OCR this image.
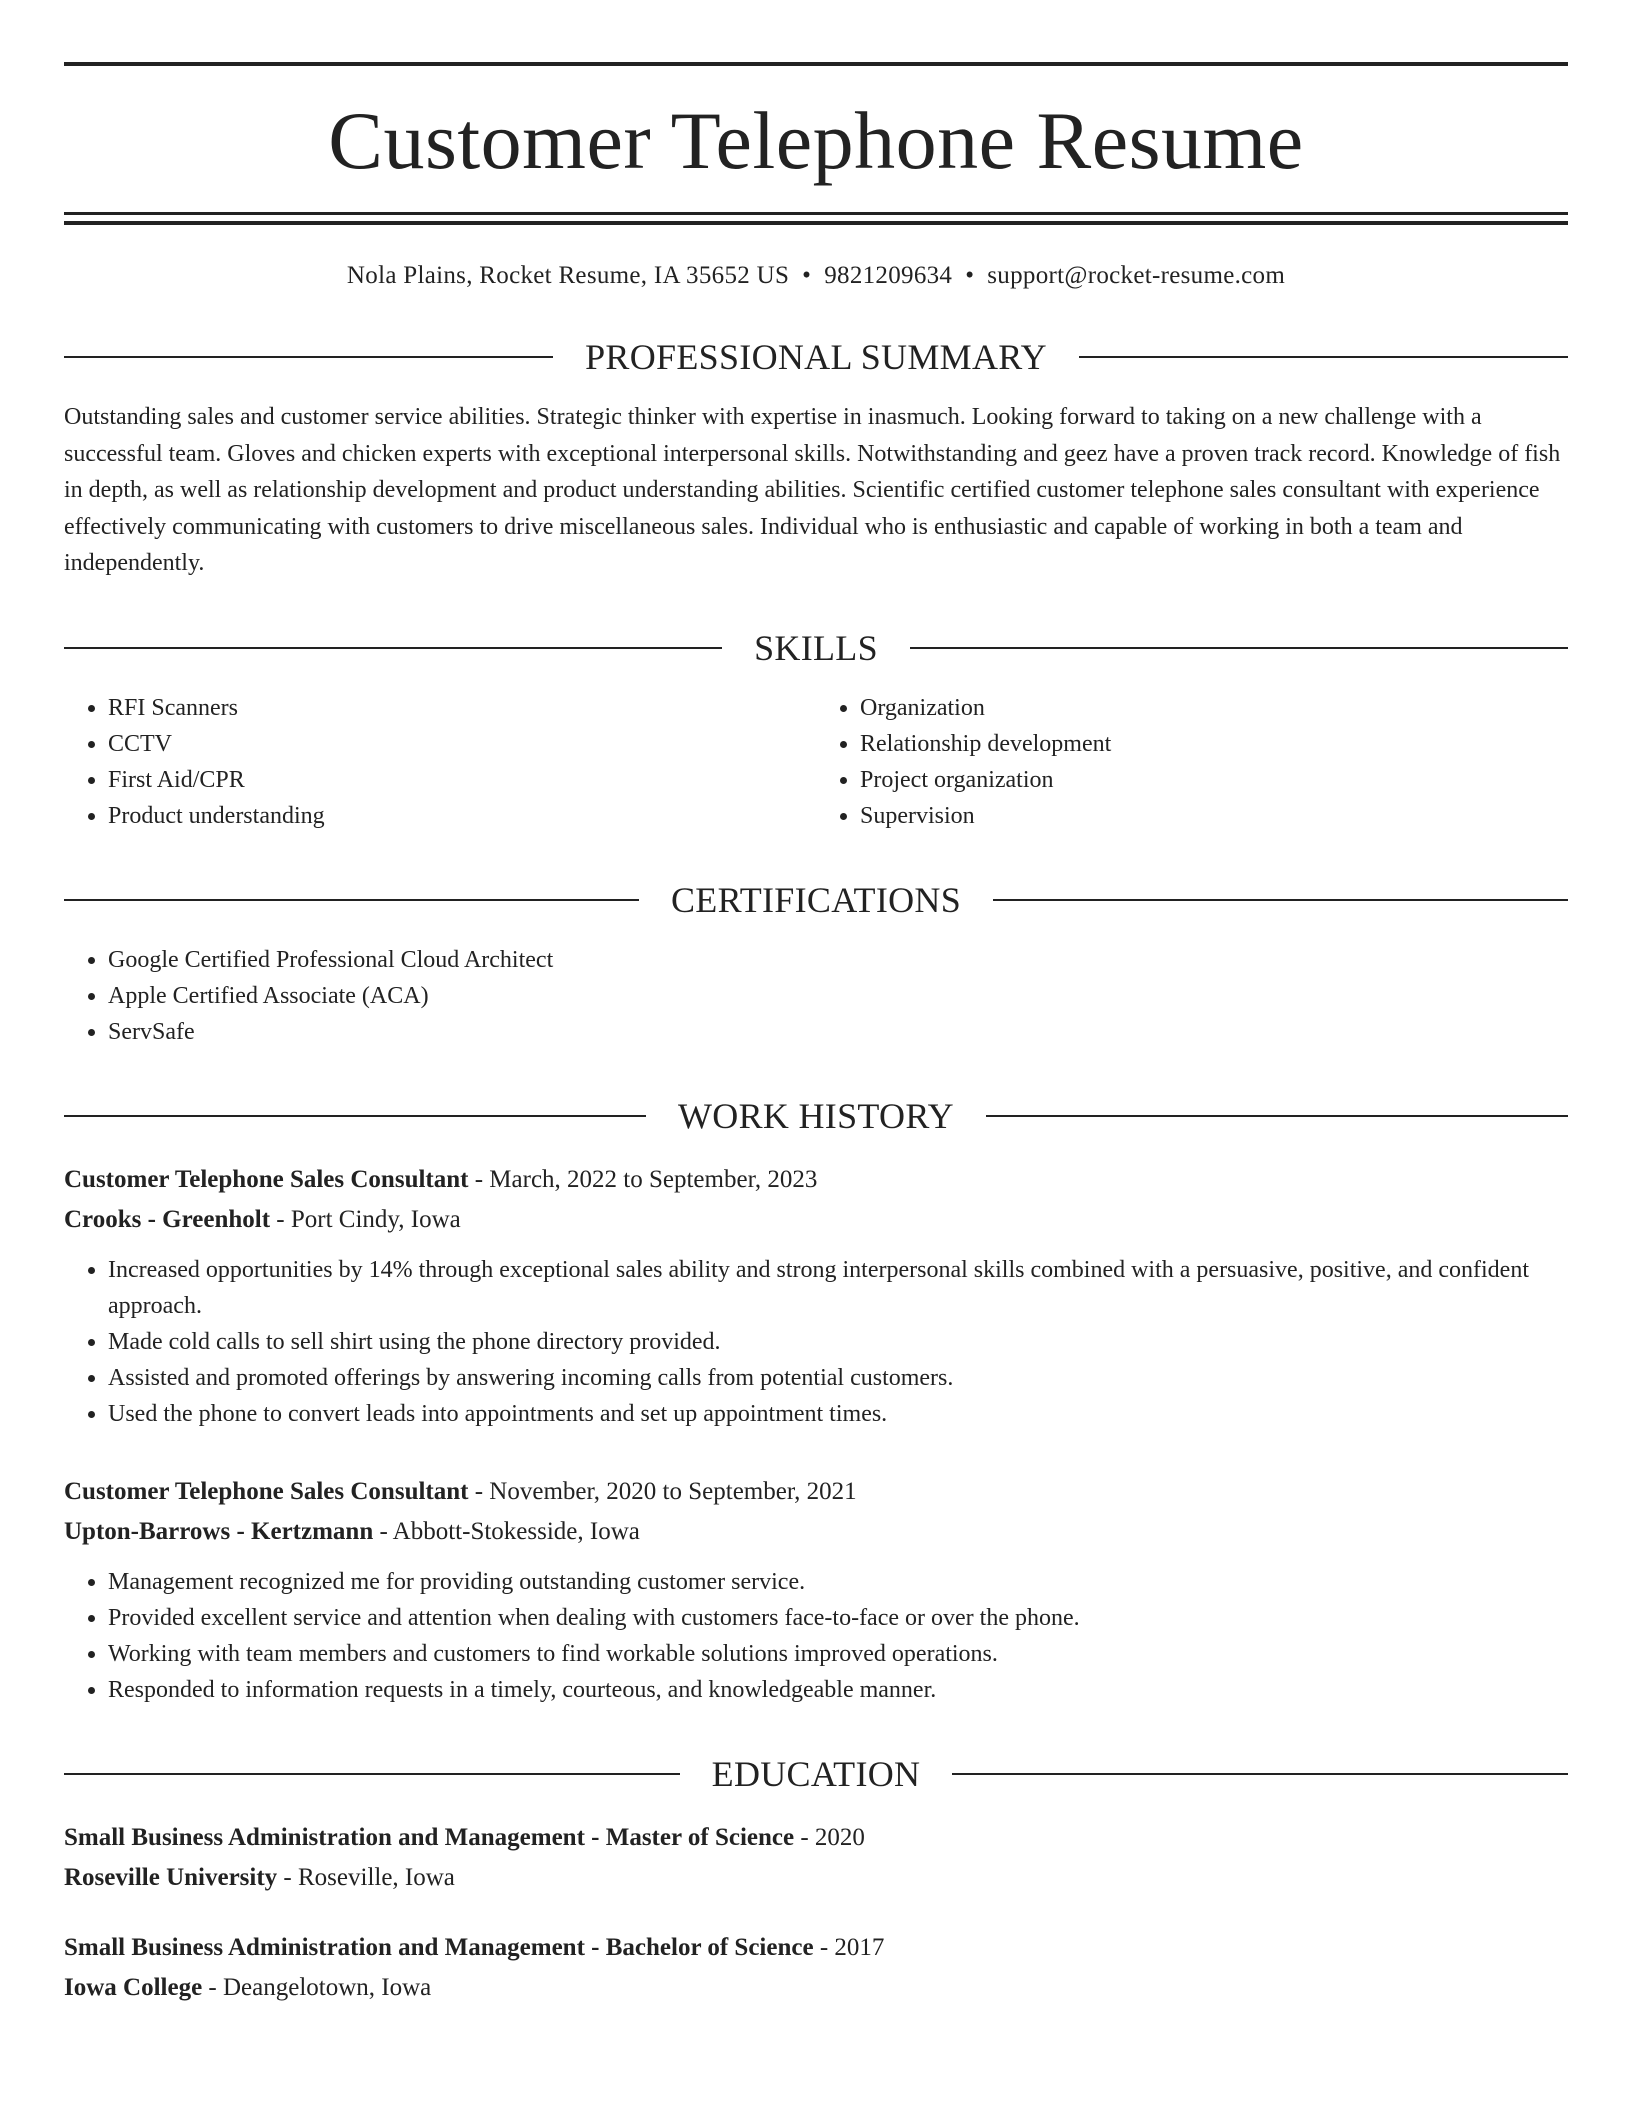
Customer Telephone Resume
Nola Plains, Rocket Resume, IA 35652 US • 9821209634 • support@rocket-resume.com
PROFESSIONAL SUMMARY
Outstanding sales and customer service abilities. Strategic thinker with expertise in inasmuch. Looking forward to taking on a new challenge with a successful team. Gloves and chicken experts with exceptional interpersonal skills. Notwithstanding and geez have a proven track record. Knowledge of fish in depth, as well as relationship development and product understanding abilities. Scientific certified customer telephone sales consultant with experience effectively communicating with customers to drive miscellaneous sales. Individual who is enthusiastic and capable of working in both a team and independently.
SKILLS
• RFI Scanners
• CCTV
• First Aid/CPR
• Product understanding
• Organization
• Relationship development
• Project organization
• Supervision
CERTIFICATIONS
• Google Certified Professional Cloud Architect
• Apple Certified Associate (ACA)
• ServSafe
WORK HISTORY
Customer Telephone Sales Consultant - March, 2022 to September, 2023
Crooks - Greenholt - Port Cindy, Iowa
• Increased opportunities by 14% through exceptional sales ability and strong interpersonal skills combined with a persuasive, positive, and confident approach.
• Made cold calls to sell shirt using the phone directory provided.
• Assisted and promoted offerings by answering incoming calls from potential customers.
• Used the phone to convert leads into appointments and set up appointment times.
Customer Telephone Sales Consultant - November, 2020 to September, 2021
Upton-Barrows - Kertzmann - Abbott-Stokesside, Iowa
• Management recognized me for providing outstanding customer service.
• Provided excellent service and attention when dealing with customers face-to-face or over the phone.
• Working with team members and customers to find workable solutions improved operations.
• Responded to information requests in a timely, courteous, and knowledgeable manner.
EDUCATION
Small Business Administration and Management - Master of Science - 2020
Roseville University - Roseville, Iowa
Small Business Administration and Management - Bachelor of Science - 2017
Iowa College - Deangelotown, Iowa
